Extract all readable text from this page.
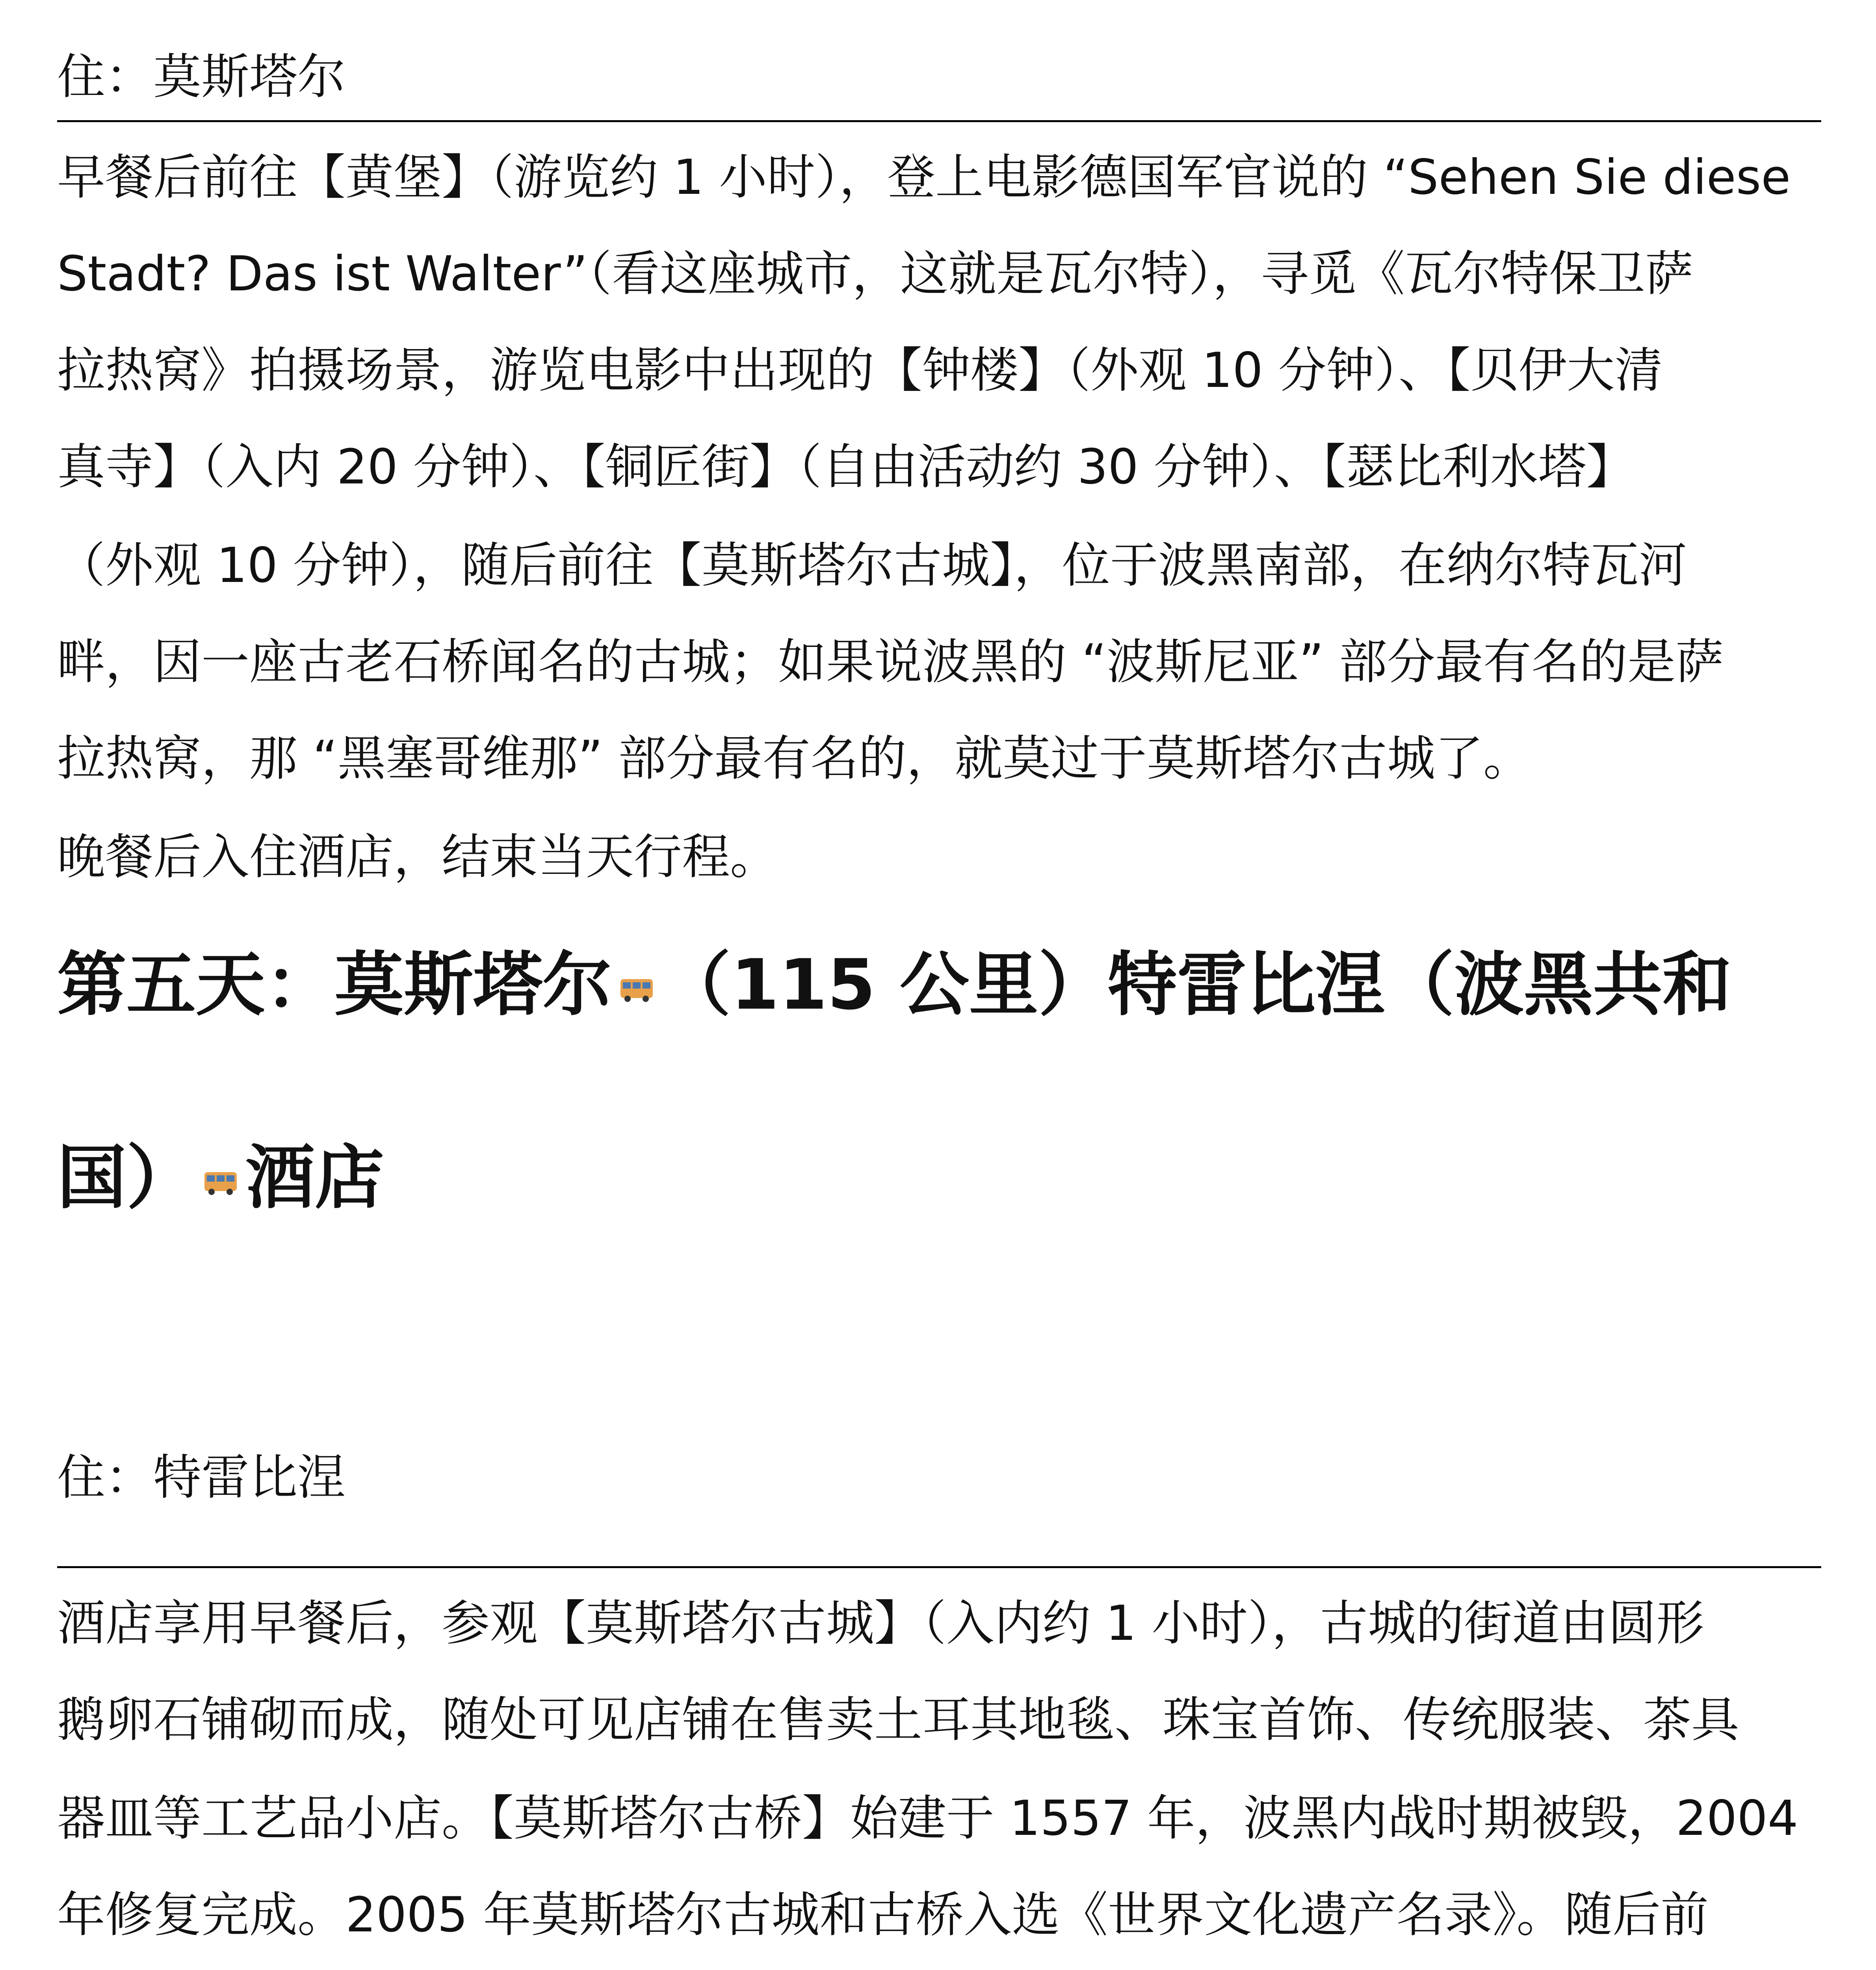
住：莫斯塔尔
早餐后前往【黄堡】（游览约 1 小时），登上电影德国军官说的 “Sehen Sie diese
Stadt? Das ist Walter”（看这座城市，这就是瓦尔特），寻觅《瓦尔特保卫萨
拉热窝》拍摄场景，游览电影中出现的【钟楼】（外观 10 分钟）、【贝伊大清
真寺】（入内 20 分钟）、【铜匠街】（自由活动约 30 分钟）、【瑟比利水塔】
（外观 10 分钟），随后前往【莫斯塔尔古城】，位于波黑南部，在纳尔特瓦河
畔，因一座古老石桥闻名的古城；如果说波黑的 “波斯尼亚” 部分最有名的是萨
拉热窝，那 “黑塞哥维那” 部分最有名的，就莫过于莫斯塔尔古城了。
晚餐后入住酒店，结束当天行程。
第五天：莫斯塔尔 （115 公里）特雷比涅（波黑共和
国） 酒店
住：特雷比涅
酒店享用早餐后，参观【莫斯塔尔古城】（入内约 1 小时），古城的街道由圆形
鹅卵石铺砌而成，随处可见店铺在售卖土耳其地毯、珠宝首饰、传统服装、茶具
器皿等工艺品小店。【莫斯塔尔古桥】始建于 1557 年，波黑内战时期被毁，2004
年修复完成。2005 年莫斯塔尔古城和古桥入选《世界文化遗产名录》。随后前
